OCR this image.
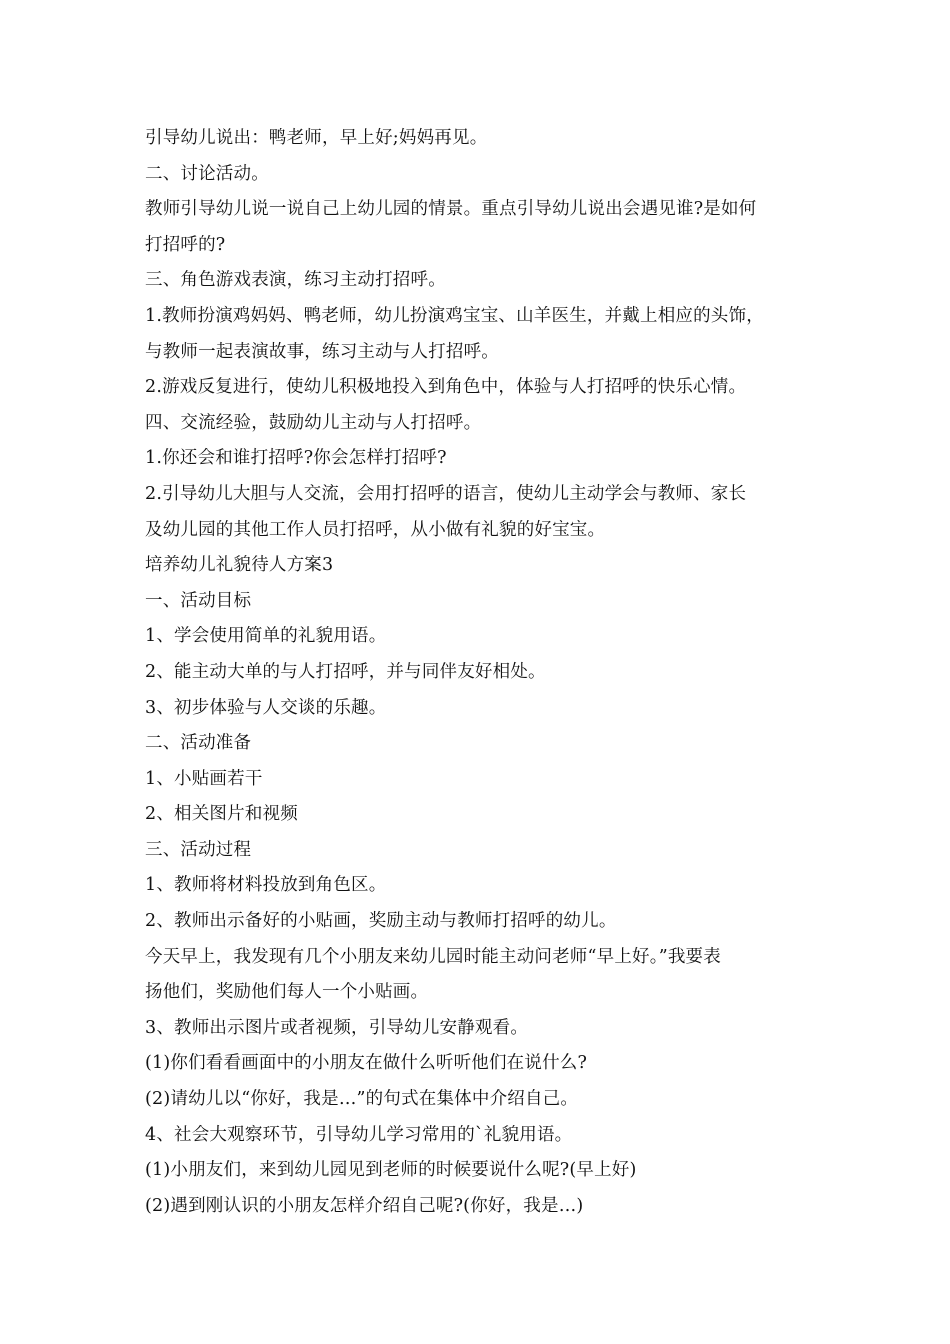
引导幼儿说出：鸭老师，早上好;妈妈再见。

二、讨论活动。

教师引导幼儿说一说自己上幼儿园的情景。重点引导幼儿说出会遇见谁?是如何

打招呼的?

三、角色游戏表演，练习主动打招呼。

1.教师扮演鸡妈妈、鸭老师，幼儿扮演鸡宝宝、山羊医生，并戴上相应的头饰，

与教师一起表演故事，练习主动与人打招呼。

2.游戏反复进行，使幼儿积极地投入到角色中，体验与人打招呼的快乐心情。

四、交流经验，鼓励幼儿主动与人打招呼。

1.你还会和谁打招呼?你会怎样打招呼?

2.引导幼儿大胆与人交流，会用打招呼的语言，使幼儿主动学会与教师、家长

及幼儿园的其他工作人员打招呼，从小做有礼貌的好宝宝。

培养幼儿礼貌待人方案3

一、活动目标

1、学会使用简单的礼貌用语。

2、能主动大单的与人打招呼，并与同伴友好相处。

3、初步体验与人交谈的乐趣。

二、活动准备

1、小贴画若干

2、相关图片和视频

三、活动过程

1、教师将材料投放到角色区。

2、教师出示备好的小贴画，奖励主动与教师打招呼的幼儿。

今天早上，我发现有几个小朋友来幼儿园时能主动问老师“早上好。”我要表

扬他们，奖励他们每人一个小贴画。

3、教师出示图片或者视频，引导幼儿安静观看。

(1)你们看看画面中的小朋友在做什么听听他们在说什么?

(2)请幼儿以“你好，我是…”的句式在集体中介绍自己。

4、社会大观察环节，引导幼儿学习常用的`礼貌用语。

(1)小朋友们，来到幼儿园见到老师的时候要说什么呢?(早上好)

(2)遇到刚认识的小朋友怎样介绍自己呢?(你好，我是…)
